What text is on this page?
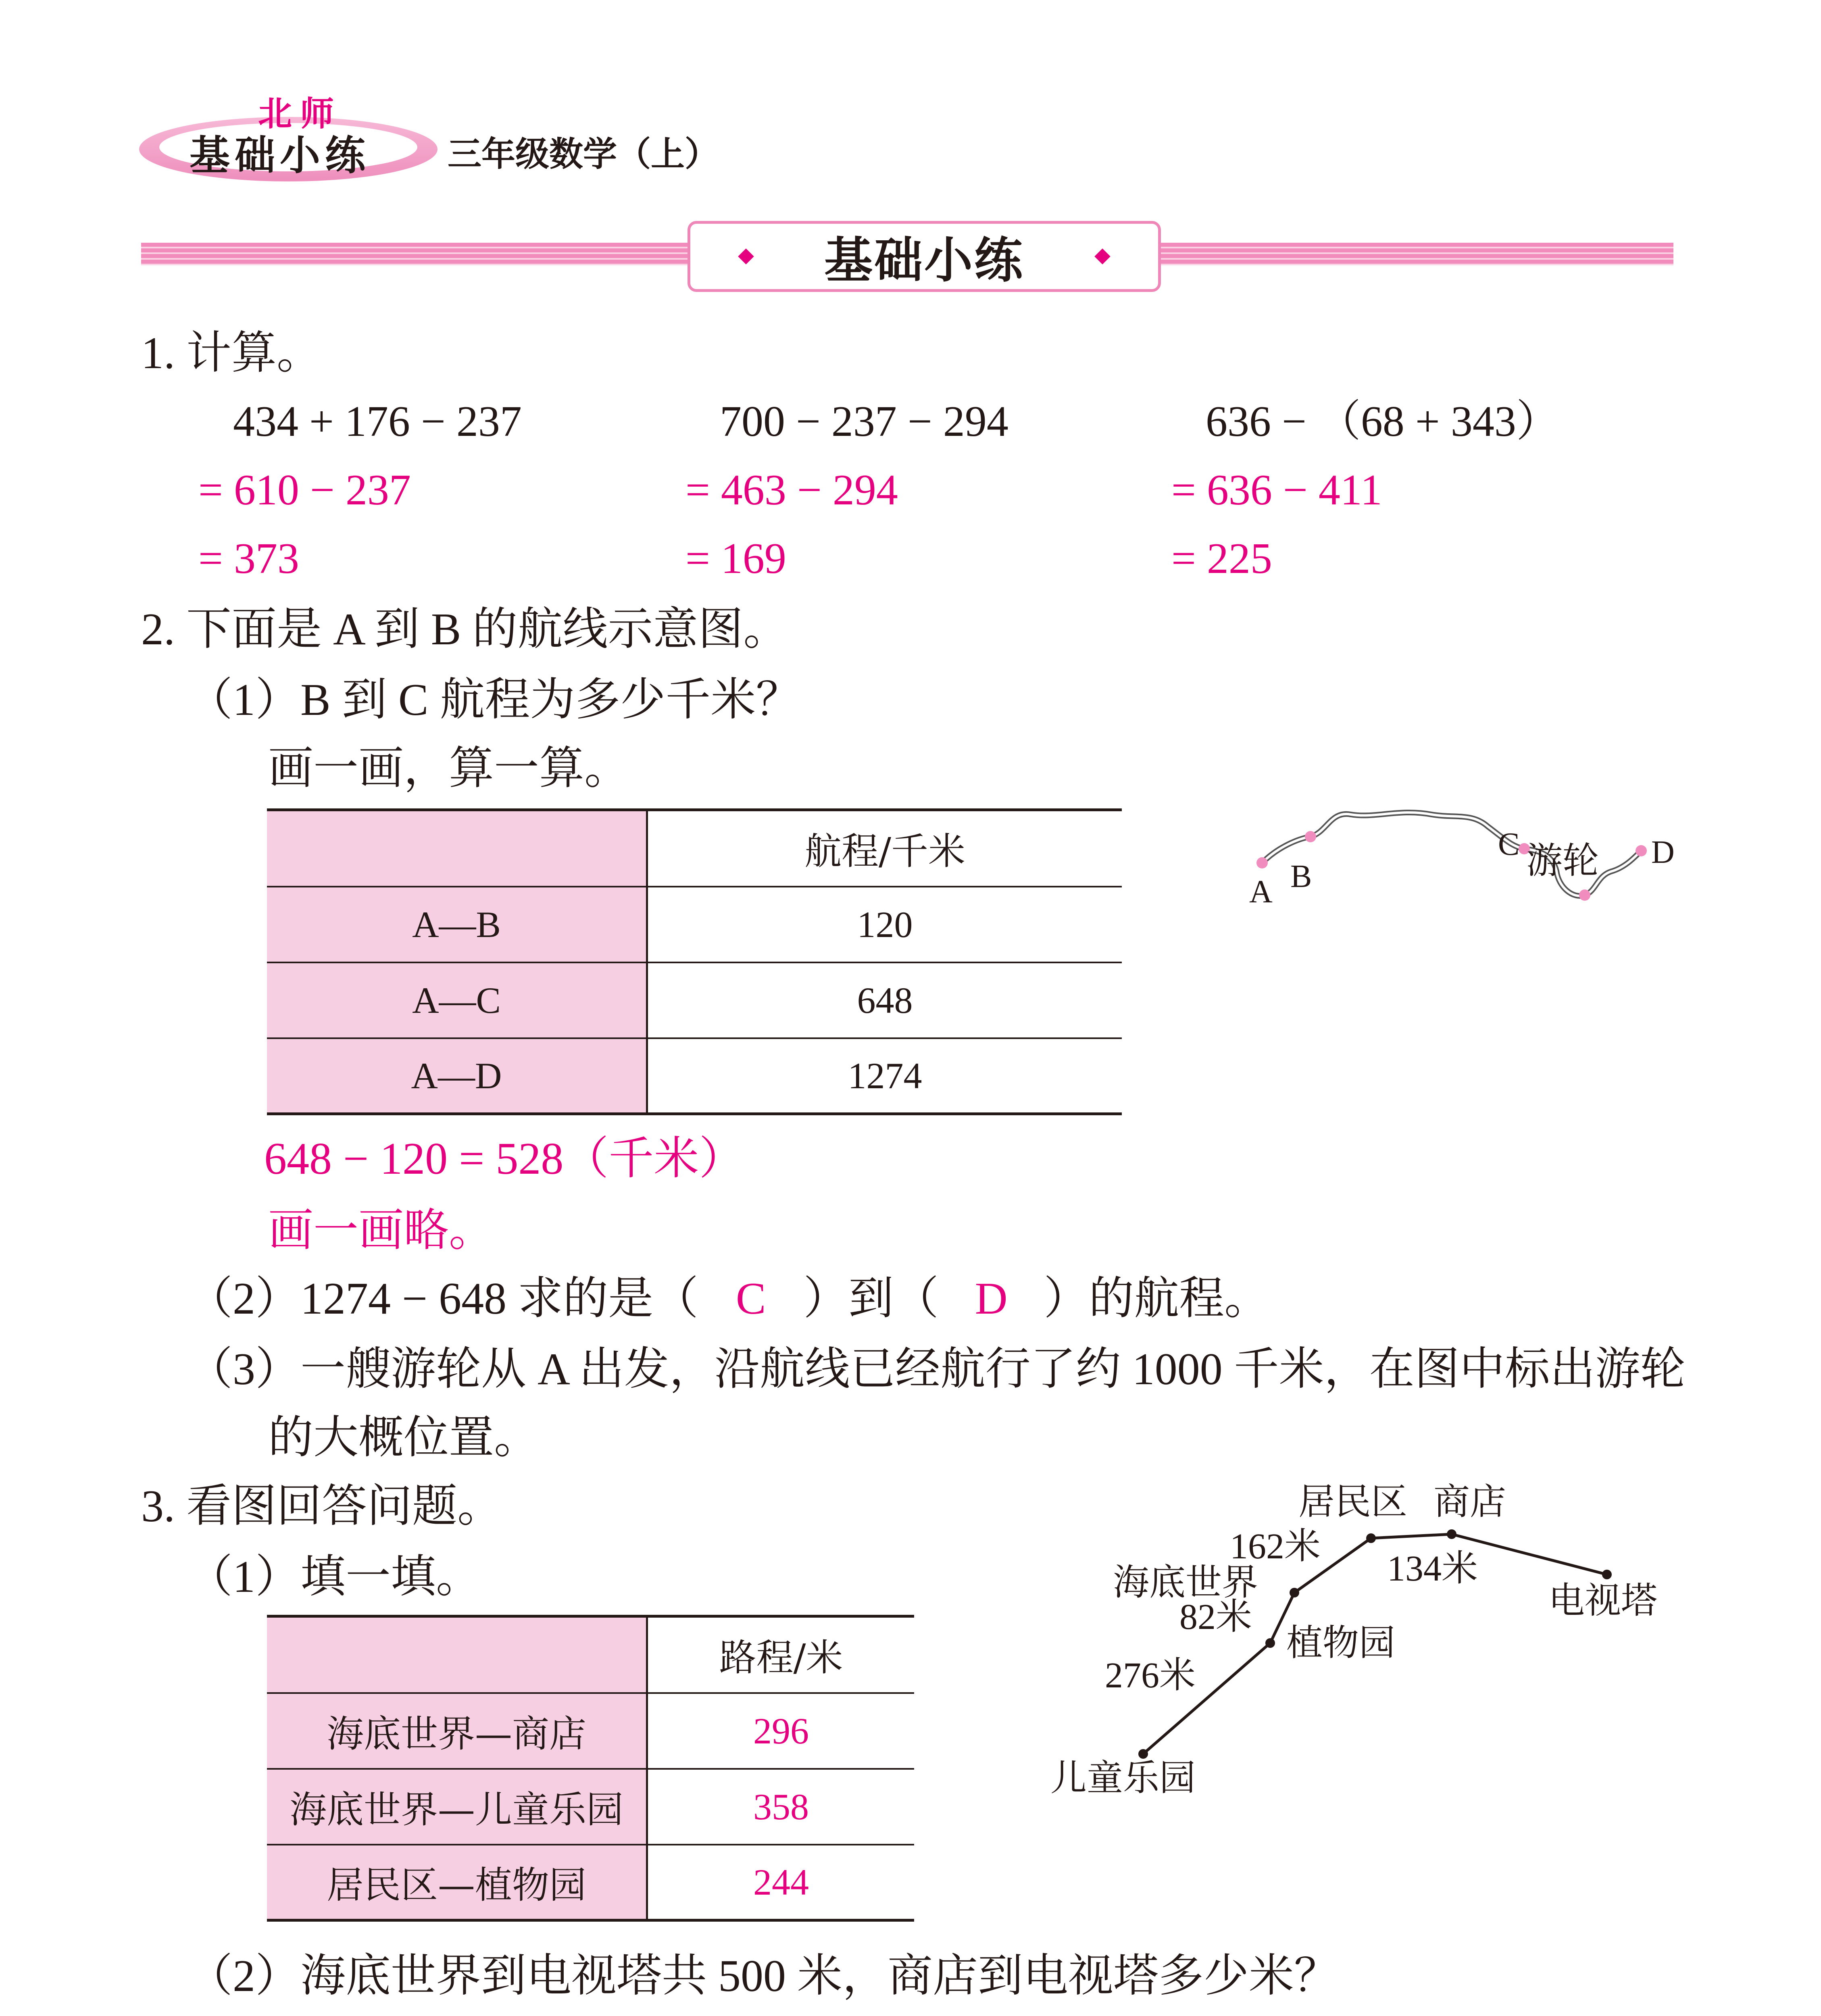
北师
基础小练 三年级数学（上）
基础小练
1. 计算。
434 + 176 − 237
= 610 − 237
= 373
700 − 237 − 294
= 463 − 294
= 169
636 − （68 + 343）
= 636 − 411
= 225
2. 下面是 A 到 B 的航线示意图。
（1）B 到 C 航程为多少千米？
画一画，算一算。
	航程/千米
A—B	120
A—C	648
A—D	1274
A B
C	D
游轮
648 − 120 = 528（千米）
画一画略。
（2）1274 − 648 求的是（ C ）到（ D ）的航程。
（3）一艘游轮从 A 出发，沿航线已经航行了约 1000 千米，在图中标出游轮
的大概位置。
3. 看图回答问题。
（1）填一填。
	路程/米
海底世界—商店	296
海底世界—儿童乐园	358
居民区—植物园	244
居民区 商店
162米
134米
海底世界	电视塔
82米
植物园
276米
儿童乐园
（2）海底世界到电视塔共 500 米，商店到电视塔多少米？
